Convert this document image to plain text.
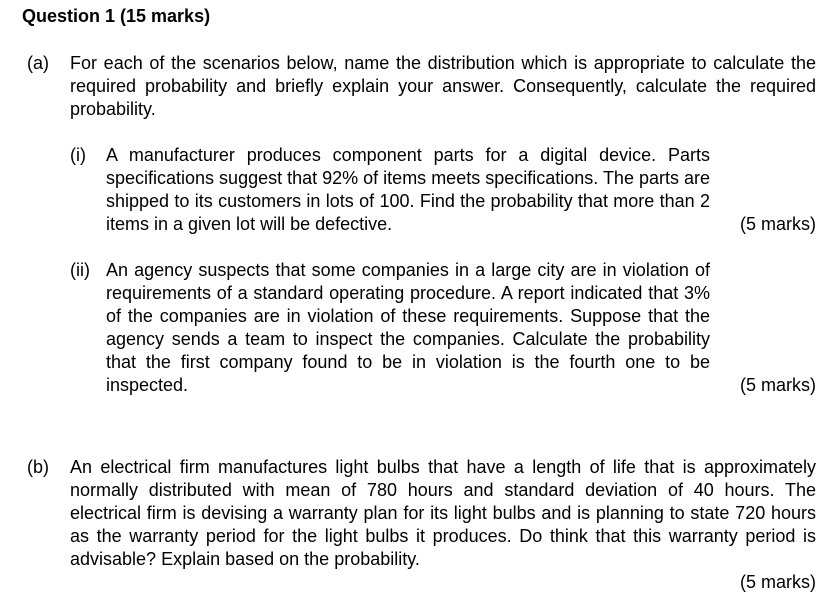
Question 1 (15 marks)
(a) For each of the scenarios below, name the distribution which is appropriate to calculate the required probability and briefly explain your answer. Consequently, calculate the required probability.
(i) A manufacturer produces component parts for a digital device. Parts specifications suggest that 92% of items meets specifications. The parts are shipped to its customers in lots of 100. Find the probability that more than 2 items in a given lot will be defective.	(5 marks)
(ii) An agency suspects that some companies in a large city are in violation of requirements of a standard operating procedure. A report indicated that 3% of the companies are in violation of these requirements. Suppose that the agency sends a team to inspect the companies. Calculate the probability that the first company found to be in violation is the fourth one to be inspected.	(5 marks)
(b) An electrical firm manufactures light bulbs that have a length of life that is approximately normally distributed with mean of 780 hours and standard deviation of 40 hours. The electrical firm is devising a warranty plan for its light bulbs and is planning to state 720 hours as the warranty period for the light bulbs it produces. Do think that this warranty period is advisable? Explain based on the probability.
(5 marks)
